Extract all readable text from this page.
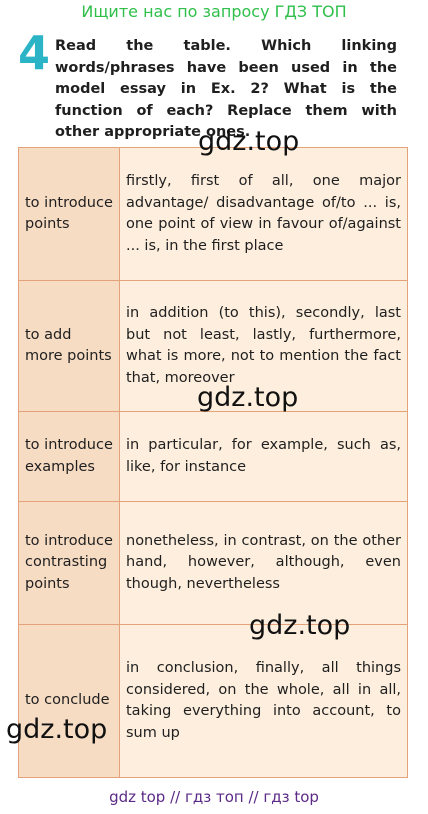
Ищите нас по запросу ГДЗ ТОП
4 Read the table. Which linking words/phrases have been used in the model essay in Ex. 2? What is the function of each? Replace them with other appropriate ones.
to introduce points	firstly, first of all, one major advantage/ disadvantage of/to ... is, one point of view in favour of/against ... is, in the first place
to add more points	in addition (to this), secondly, last but not least, lastly, furthermore, what is more, not to mention the fact that, moreover
to introduce examples	in particular, for example, such as, like, for instance
to introduce contrasting points	nonetheless, in contrast, on the other hand, however, although, even though, nevertheless
to conclude	in conclusion, finally, all things considered, on the whole, all in all, taking everything into account, to sum up
gdz.top
gdz.top
gdz.top
gdz.top
gdz top // гдз топ // гдз top
